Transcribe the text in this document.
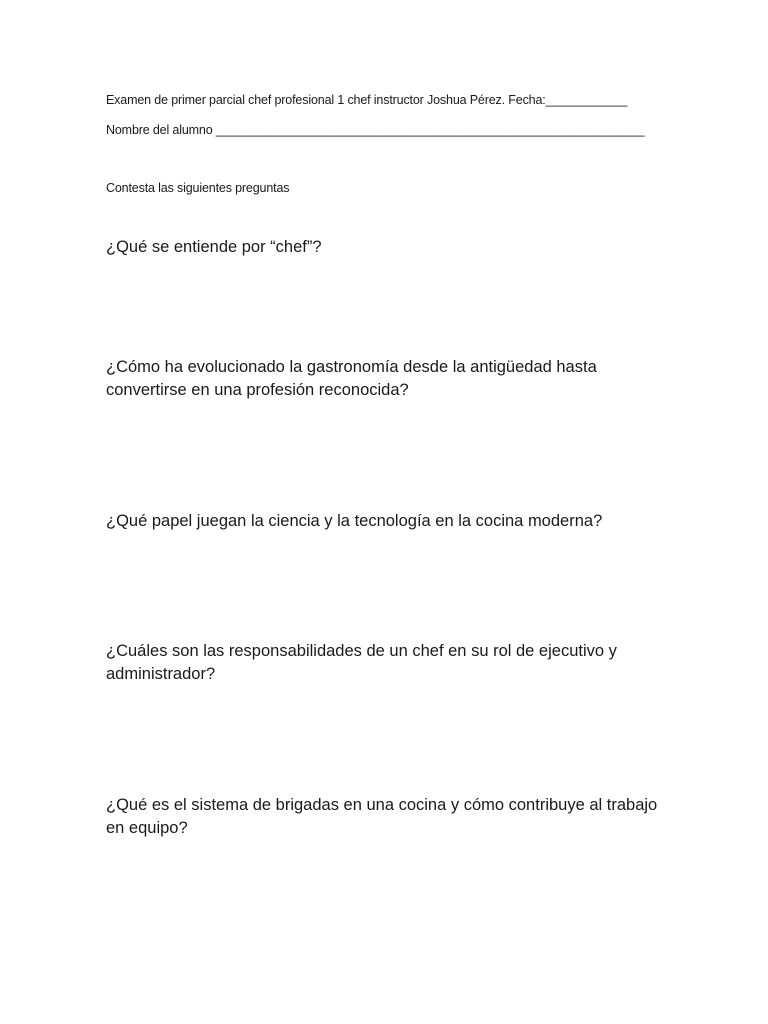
Examen de primer parcial chef profesional 1 chef instructor Joshua Pérez. Fecha:____________
Nombre del alumno _______________________________________________________________
Contesta las siguientes preguntas
¿Qué se entiende por “chef”?
¿Cómo ha evolucionado la gastronomía desde la antigüedad hasta convertirse en una profesión reconocida?
¿Qué papel juegan la ciencia y la tecnología en la cocina moderna?
¿Cuáles son las responsabilidades de un chef en su rol de ejecutivo y administrador?
¿Qué es el sistema de brigadas en una cocina y cómo contribuye al trabajo en equipo?
